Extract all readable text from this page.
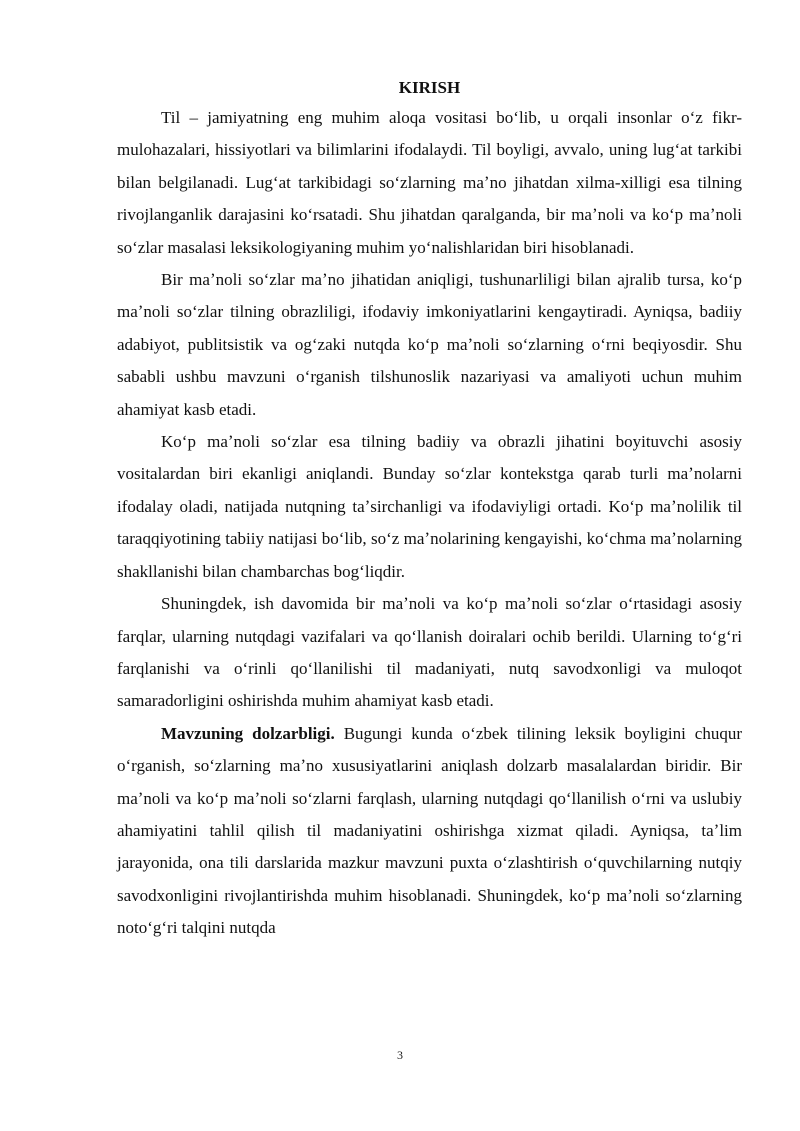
KIRISH

Til – jamiyatning eng muhim aloqa vositasi boʻlib, u orqali insonlar oʻz fikr-mulohazalari, hissiyotlari va bilimlarini ifodalaydi. Til boyligi, avvalo, uning lugʻat tarkibi bilan belgilanadi. Lugʻat tarkibidagi soʻzlarning maʼno jihatdan xilma-xilligi esa tilning rivojlanganlik darajasini koʻrsatadi. Shu jihatdan qaralganda, bir maʼnoli va koʻp maʼnoli soʻzlar masalasi leksikologiyaning muhim yoʻnalishlaridan biri hisoblanadi.

Bir maʼnoli soʻzlar maʼno jihatidan aniqligi, tushunarliligi bilan ajralib tursa, koʻp maʼnoli soʻzlar tilning obrazliligi, ifodaviy imkoniyatlarini kengaytiradi. Ayniqsa, badiiy adabiyot, publitsistik va ogʻzaki nutqda koʻp maʼnoli soʻzlarning oʻrni beqiyosdir. Shu sababli ushbu mavzuni oʻrganish tilshunoslik nazariyasi va amaliyoti uchun muhim ahamiyat kasb etadi.

Koʻp maʼnoli soʻzlar esa tilning badiiy va obrazli jihatini boyituvchi asosiy vositalardan biri ekanligi aniqlandi. Bunday soʻzlar kontekstga qarab turli maʼnolarni ifodalay oladi, natijada nutqning taʼsirchanligi va ifodaviyligi ortadi. Koʻp maʼnolilik til taraqqiyotining tabiiy natijasi boʻlib, soʻz maʼnolarining kengayishi, koʻchma maʼnolarning shakllanishi bilan chambarchas bogʻliqdir.

Shuningdek, ish davomida bir maʼnoli va koʻp maʼnoli soʻzlar oʻrtasidagi asosiy farqlar, ularning nutqdagi vazifalari va qoʻllanish doiralari ochib berildi. Ularning toʻgʻri farqlanishi va oʻrinli qoʻllanilishi til madaniyati, nutq savodxonligi va muloqot samaradorligini oshirishda muhim ahamiyat kasb etadi.

Mavzuning dolzarbligi. Bugungi kunda oʻzbek tilining leksik boyligini chuqur oʻrganish, soʻzlarning maʼno xususiyatlarini aniqlash dolzarb masalalardan biridir. Bir maʼnoli va koʻp maʼnoli soʻzlarni farqlash, ularning nutqdagi qoʻllanilish oʻrni va uslubiy ahamiyatini tahlil qilish til madaniyatini oshirishga xizmat qiladi. Ayniqsa, taʼlim jarayonida, ona tili darslarida mazkur mavzuni puxta oʻzlashtirish oʻquvchilarning nutqiy savodxonligini rivojlantirishda muhim hisoblanadi. Shuningdek, koʻp maʼnoli soʻzlarning notoʻgʻri talqini nutqda

3
